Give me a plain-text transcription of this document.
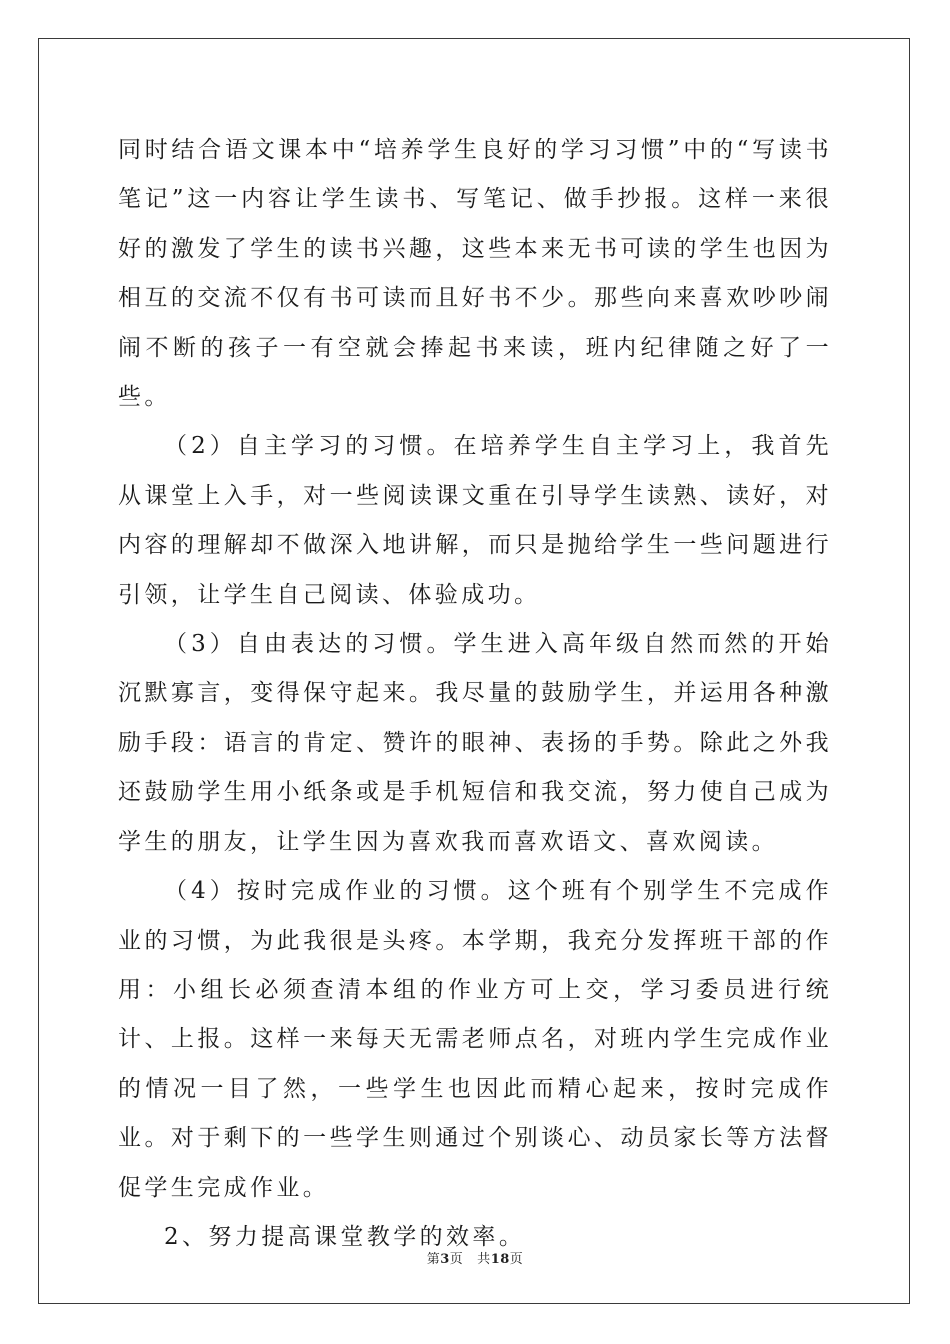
同时结合语文课本中“培养学生良好的学习习惯”中的“写读书笔记”这一内容让学生读书、写笔记、做手抄报。这样一来很好的激发了学生的读书兴趣，这些本来无书可读的学生也因为相互的交流不仅有书可读而且好书不少。那些向来喜欢吵吵闹闹不断的孩子一有空就会捧起书来读，班内纪律随之好了一些。

（2）自主学习的习惯。在培养学生自主学习上，我首先从课堂上入手，对一些阅读课文重在引导学生读熟、读好，对内容的理解却不做深入地讲解，而只是抛给学生一些问题进行引领，让学生自己阅读、体验成功。

（3）自由表达的习惯。学生进入高年级自然而然的开始沉默寡言，变得保守起来。我尽量的鼓励学生，并运用各种激励手段：语言的肯定、赞许的眼神、表扬的手势。除此之外我还鼓励学生用小纸条或是手机短信和我交流，努力使自己成为学生的朋友，让学生因为喜欢我而喜欢语文、喜欢阅读。

（4）按时完成作业的习惯。这个班有个别学生不完成作业的习惯，为此我很是头疼。本学期，我充分发挥班干部的作用：小组长必须查清本组的作业方可上交，学习委员进行统计、上报。这样一来每天无需老师点名，对班内学生完成作业的情况一目了然，一些学生也因此而精心起来，按时完成作业。对于剩下的一些学生则通过个别谈心、动员家长等方法督促学生完成作业。

2、努力提高课堂教学的效率。

第3页 共18页
